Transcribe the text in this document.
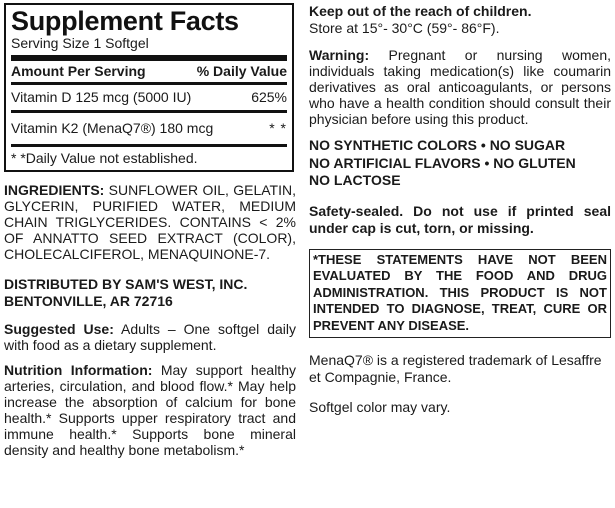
Supplement Facts
Serving Size 1 Softgel
Amount Per Serving	% Daily Value
Vitamin D 125 mcg (5000 IU)	625%
Vitamin K2 (MenaQ7®) 180 mcg	* *
* *Daily Value not established.
INGREDIENTS: SUNFLOWER OIL, GELATIN, GLYCERIN, PURIFIED WATER, MEDIUM CHAIN TRIGLYCERIDES. CONTAINS < 2% OF ANNATTO SEED EXTRACT (COLOR), CHOLECALCIFEROL, MENAQUINONE-7.
DISTRIBUTED BY SAM'S WEST, INC.
BENTONVILLE, AR 72716
Suggested Use: Adults – One softgel daily with food as a dietary supplement.
Nutrition Information: May support healthy arteries, circulation, and blood flow.* May help increase the absorption of calcium for bone health.* Supports upper respiratory tract and immune health.* Supports bone mineral density and healthy bone metabolism.*
Keep out of the reach of children.
Store at 15°- 30°C (59°- 86°F).
Warning: Pregnant or nursing women, individuals taking medication(s) like coumarin derivatives as oral anticoagulants, or persons who have a health condition should consult their physician before using this product.
NO SYNTHETIC COLORS • NO SUGAR
NO ARTIFICIAL FLAVORS • NO GLUTEN
NO LACTOSE
Safety-sealed. Do not use if printed seal under cap is cut, torn, or missing.
*THESE STATEMENTS HAVE NOT BEEN EVALUATED BY THE FOOD AND DRUG ADMINISTRATION. THIS PRODUCT IS NOT INTENDED TO DIAGNOSE, TREAT, CURE OR PREVENT ANY DISEASE.
MenaQ7® is a registered trademark of Lesaffre et Compagnie, France.
Softgel color may vary.
